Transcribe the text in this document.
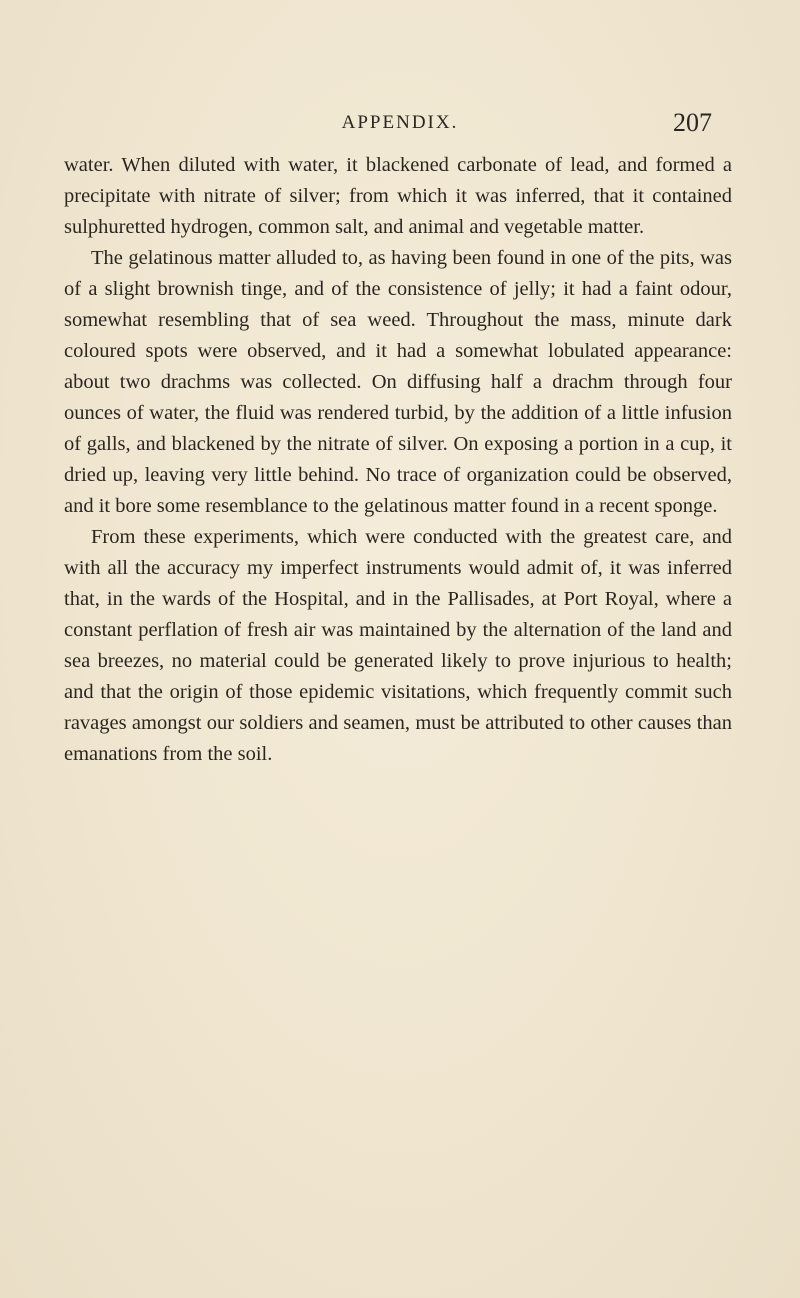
APPENDIX.	207

water. When diluted with water, it blackened carbonate of lead, and formed a precipitate with nitrate of silver; from which it was inferred, that it contained sulphuretted hydrogen, common salt, and animal and vegetable matter.

The gelatinous matter alluded to, as having been found in one of the pits, was of a slight brownish tinge, and of the consistence of jelly; it had a faint odour, somewhat resembling that of sea weed. Throughout the mass, minute dark coloured spots were observed, and it had a somewhat lobulated appearance: about two drachms was collected. On diffusing half a drachm through four ounces of water, the fluid was rendered turbid, by the addition of a little infusion of galls, and blackened by the nitrate of silver. On exposing a portion in a cup, it dried up, leaving very little behind. No trace of organization could be observed, and it bore some resemblance to the gelatinous matter found in a recent sponge.

From these experiments, which were conducted with the greatest care, and with all the accuracy my imperfect instruments would admit of, it was inferred that, in the wards of the Hospital, and in the Pallisades, at Port Royal, where a constant perflation of fresh air was maintained by the alternation of the land and sea breezes, no material could be generated likely to prove injurious to health; and that the origin of those epidemic visitations, which frequently commit such ravages amongst our soldiers and seamen, must be attributed to other causes than emanations from the soil.
